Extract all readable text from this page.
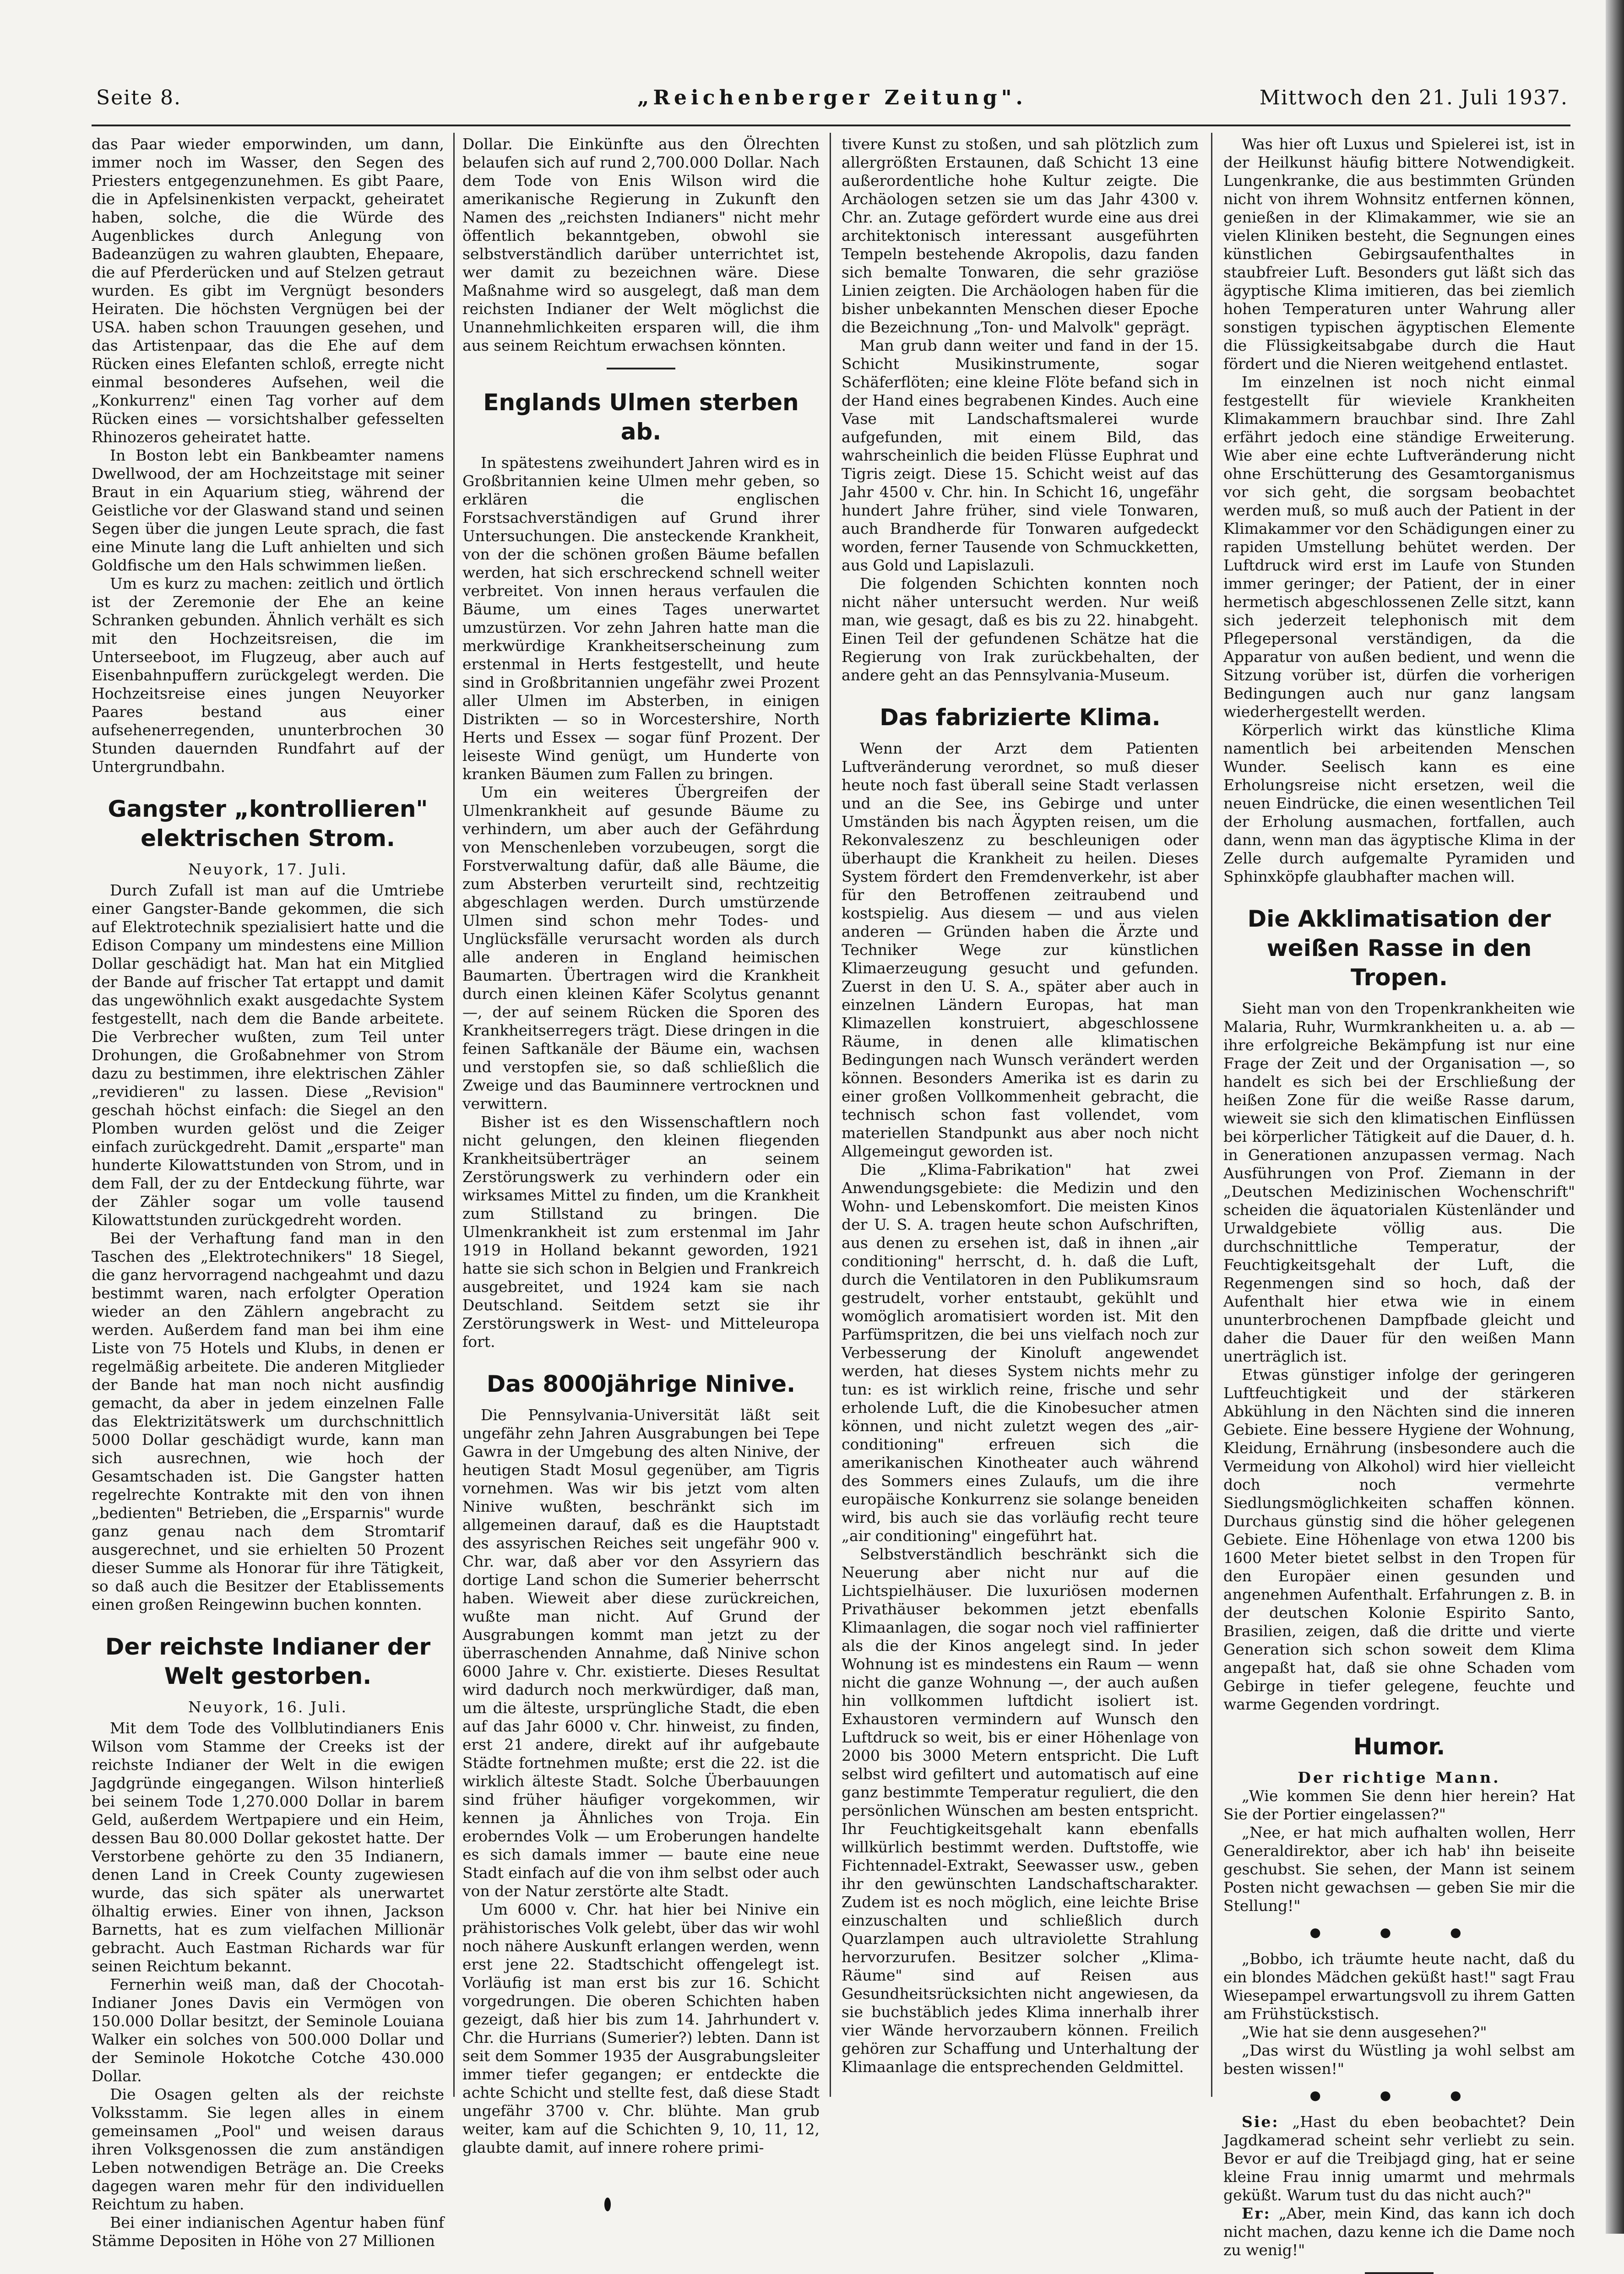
Seite 8.	„Reichenberger Zeitung".	Mittwoch den 21. Juli 1937.

das Paar wieder emporwinden, um dann, immer noch im Wasser, den Segen des Priesters entgegenzunehmen. Es gibt Paare, die in Apfelsinenkisten verpackt, geheiratet haben, solche, die die Würde des Augenblickes durch Anlegung von Badeanzügen zu wahren glaubten, Ehepaare, die auf Pferderücken und auf Stelzen getraut wurden. Es gibt im Vergnügt besonders Heiraten. Die höchsten Vergnügen bei der USA. haben schon Trauungen gesehen, und das Artistenpaar, das die Ehe auf dem Rücken eines Elefanten schloß, erregte nicht einmal besonderes Aufsehen, weil die „Konkurrenz" einen Tag vorher auf dem Rücken eines — vorsichtshalber gefesselten Rhinozeros geheiratet hatte.

In Boston lebt ein Bankbeamter namens Dwellwood, der am Hochzeitstage mit seiner Braut in ein Aquarium stieg, während der Geistliche vor der Glaswand stand und seinen Segen über die jungen Leute sprach, die fast eine Minute lang die Luft anhielten und sich Goldfische um den Hals schwimmen ließen.

Um es kurz zu machen: zeitlich und örtlich ist der Zeremonie der Ehe an keine Schranken gebunden. Ähnlich verhält es sich mit den Hochzeitsreisen, die im Unterseeboot, im Flugzeug, aber auch auf Eisenbahnpuffern zurückgelegt werden. Die Hochzeitsreise eines jungen Neuyorker Paares bestand aus einer aufsehenerregenden, ununterbrochen 30 Stunden dauernden Rundfahrt auf der Untergrundbahn.

Gangster „kontrollieren" elektrischen Strom.

Neuyork, 17. Juli.

Durch Zufall ist man auf die Umtriebe einer Gangster-Bande gekommen, die sich auf Elektrotechnik spezialisiert hatte und die Edison Company um mindestens eine Million Dollar geschädigt hat. Man hat ein Mitglied der Bande auf frischer Tat ertappt und damit das ungewöhnlich exakt ausgedachte System festgestellt, nach dem die Bande arbeitete. Die Verbrecher wußten, zum Teil unter Drohungen, die Großabnehmer von Strom dazu zu bestimmen, ihre elektrischen Zähler „revidieren" zu lassen. Diese „Revision" geschah höchst einfach: die Siegel an den Plomben wurden gelöst und die Zeiger einfach zurückgedreht. Damit „ersparte" man hunderte Kilowattstunden von Strom, und in dem Fall, der zu der Entdeckung führte, war der Zähler sogar um volle tausend Kilowattstunden zurückgedreht worden.

Bei der Verhaftung fand man in den Taschen des „Elektrotechnikers" 18 Siegel, die ganz hervorragend nachgeahmt und dazu bestimmt waren, nach erfolgter Operation wieder an den Zählern angebracht zu werden. Außerdem fand man bei ihm eine Liste von 75 Hotels und Klubs, in denen er regelmäßig arbeitete. Die anderen Mitglieder der Bande hat man noch nicht ausfindig gemacht, da aber in jedem einzelnen Falle das Elektrizitätswerk um durchschnittlich 5000 Dollar geschädigt wurde, kann man sich ausrechnen, wie hoch der Gesamtschaden ist. Die Gangster hatten regelrechte Kontrakte mit den von ihnen „bedienten" Betrieben, die „Ersparnis" wurde ganz genau nach dem Stromtarif ausgerechnet, und sie erhielten 50 Prozent dieser Summe als Honorar für ihre Tätigkeit, so daß auch die Besitzer der Etablissements einen großen Reingewinn buchen konnten.

Der reichste Indianer der Welt gestorben.

Neuyork, 16. Juli.

Mit dem Tode des Vollblutindianers Enis Wilson vom Stamme der Creeks ist der reichste Indianer der Welt in die ewigen Jagdgründe eingegangen. Wilson hinterließ bei seinem Tode 1,270.000 Dollar in barem Geld, außerdem Wertpapiere und ein Heim, dessen Bau 80.000 Dollar gekostet hatte. Der Verstorbene gehörte zu den 35 Indianern, denen Land in Creek County zugewiesen wurde, das sich später als unerwartet ölhaltig erwies. Einer von ihnen, Jackson Barnetts, hat es zum vielfachen Millionär gebracht. Auch Eastman Richards war für seinen Reichtum bekannt.

Fernerhin weiß man, daß der Chocotah-Indianer Jones Davis ein Vermögen von 150.000 Dollar besitzt, der Seminole Louiana Walker ein solches von 500.000 Dollar und der Seminole Hokotche Cotche 430.000 Dollar.

Die Osagen gelten als der reichste Volksstamm. Sie legen alles in einem gemeinsamen „Pool" und weisen daraus ihren Volksgenossen die zum anständigen Leben notwendigen Beträge an. Die Creeks dagegen waren mehr für den individuellen Reichtum zu haben.

Bei einer indianischen Agentur haben fünf Stämme Depositen in Höhe von 27 Millionen

Dollar. Die Einkünfte aus den Ölrechten belaufen sich auf rund 2,700.000 Dollar. Nach dem Tode von Enis Wilson wird die amerikanische Regierung in Zukunft den Namen des „reichsten Indianers" nicht mehr öffentlich bekanntgeben, obwohl sie selbstverständlich darüber unterrichtet ist, wer damit zu bezeichnen wäre. Diese Maßnahme wird so ausgelegt, daß man dem reichsten Indianer der Welt möglichst die Unannehmlichkeiten ersparen will, die ihm aus seinem Reichtum erwachsen könnten.

Englands Ulmen sterben ab.

In spätestens zweihundert Jahren wird es in Großbritannien keine Ulmen mehr geben, so erklären die englischen Forstsachverständigen auf Grund ihrer Untersuchungen. Die ansteckende Krankheit, von der die schönen großen Bäume befallen werden, hat sich erschreckend schnell weiter verbreitet. Von innen heraus verfaulen die Bäume, um eines Tages unerwartet umzustürzen. Vor zehn Jahren hatte man die merkwürdige Krankheitserscheinung zum erstenmal in Herts festgestellt, und heute sind in Großbritannien ungefähr zwei Prozent aller Ulmen im Absterben, in einigen Distrikten — so in Worcestershire, North Herts und Essex — sogar fünf Prozent. Der leiseste Wind genügt, um Hunderte von kranken Bäumen zum Fallen zu bringen.

Um ein weiteres Übergreifen der Ulmenkrankheit auf gesunde Bäume zu verhindern, um aber auch der Gefährdung von Menschenleben vorzubeugen, sorgt die Forstverwaltung dafür, daß alle Bäume, die zum Absterben verurteilt sind, rechtzeitig abgeschlagen werden. Durch umstürzende Ulmen sind schon mehr Todes- und Unglücksfälle verursacht worden als durch alle anderen in England heimischen Baumarten. Übertragen wird die Krankheit durch einen kleinen Käfer Scolytus genannt —, der auf seinem Rücken die Sporen des Krankheitserregers trägt. Diese dringen in die feinen Saftkanäle der Bäume ein, wachsen und verstopfen sie, so daß schließlich die Zweige und das Bauminnere vertrocknen und verwittern.

Bisher ist es den Wissenschaftlern noch nicht gelungen, den kleinen fliegenden Krankheitsüberträger an seinem Zerstörungswerk zu verhindern oder ein wirksames Mittel zu finden, um die Krankheit zum Stillstand zu bringen. Die Ulmenkrankheit ist zum erstenmal im Jahr 1919 in Holland bekannt geworden, 1921 hatte sie sich schon in Belgien und Frankreich ausgebreitet, und 1924 kam sie nach Deutschland. Seitdem setzt sie ihr Zerstörungswerk in West- und Mitteleuropa fort.

Das 8000jährige Ninive.

Die Pennsylvania-Universität läßt seit ungefähr zehn Jahren Ausgrabungen bei Tepe Gawra in der Umgebung des alten Ninive, der heutigen Stadt Mosul gegenüber, am Tigris vornehmen. Was wir bis jetzt vom alten Ninive wußten, beschränkt sich im allgemeinen darauf, daß es die Hauptstadt des assyrischen Reiches seit ungefähr 900 v. Chr. war, daß aber vor den Assyriern das dortige Land schon die Sumerier beherrscht haben. Wieweit aber diese zurückreichen, wußte man nicht. Auf Grund der Ausgrabungen kommt man jetzt zu der überraschenden Annahme, daß Ninive schon 6000 Jahre v. Chr. existierte. Dieses Resultat wird dadurch noch merkwürdiger, daß man, um die älteste, ursprüngliche Stadt, die eben auf das Jahr 6000 v. Chr. hinweist, zu finden, erst 21 andere, direkt auf ihr aufgebaute Städte fortnehmen mußte; erst die 22. ist die wirklich älteste Stadt. Solche Überbauungen sind früher häufiger vorgekommen, wir kennen ja Ähnliches von Troja. Ein eroberndes Volk — um Eroberungen handelte es sich damals immer — baute eine neue Stadt einfach auf die von ihm selbst oder auch von der Natur zerstörte alte Stadt.

Um 6000 v. Chr. hat hier bei Ninive ein prähistorisches Volk gelebt, über das wir wohl noch nähere Auskunft erlangen werden, wenn erst jene 22. Stadtschicht offengelegt ist. Vorläufig ist man erst bis zur 16. Schicht vorgedrungen. Die oberen Schichten haben gezeigt, daß hier bis zum 14. Jahrhundert v. Chr. die Hurrians (Sumerier?) lebten. Dann ist seit dem Sommer 1935 der Ausgrabungsleiter immer tiefer gegangen; er entdeckte die achte Schicht und stellte fest, daß diese Stadt ungefähr 3700 v. Chr. blühte. Man grub weiter, kam auf die Schichten 9, 10, 11, 12, glaubte damit, auf innere rohere primi-

tivere Kunst zu stoßen, und sah plötzlich zum allergrößten Erstaunen, daß Schicht 13 eine außerordentliche hohe Kultur zeigte. Die Archäologen setzen sie um das Jahr 4300 v. Chr. an. Zutage gefördert wurde eine aus drei architektonisch interessant ausgeführten Tempeln bestehende Akropolis, dazu fanden sich bemalte Tonwaren, die sehr graziöse Linien zeigten. Die Archäologen haben für die bisher unbekannten Menschen dieser Epoche die Bezeichnung „Ton- und Malvolk" geprägt.

Man grub dann weiter und fand in der 15. Schicht Musikinstrumente, sogar Schäferflöten; eine kleine Flöte befand sich in der Hand eines begrabenen Kindes. Auch eine Vase mit Landschaftsmalerei wurde aufgefunden, mit einem Bild, das wahrscheinlich die beiden Flüsse Euphrat und Tigris zeigt. Diese 15. Schicht weist auf das Jahr 4500 v. Chr. hin. In Schicht 16, ungefähr hundert Jahre früher, sind viele Tonwaren, auch Brandherde für Tonwaren aufgedeckt worden, ferner Tausende von Schmuckketten, aus Gold und Lapislazuli.

Die folgenden Schichten konnten noch nicht näher untersucht werden. Nur weiß man, wie gesagt, daß es bis zu 22. hinabgeht. Einen Teil der gefundenen Schätze hat die Regierung von Irak zurückbehalten, der andere geht an das Pennsylvania-Museum.

Das fabrizierte Klima.

Wenn der Arzt dem Patienten Luftveränderung verordnet, so muß dieser heute noch fast überall seine Stadt verlassen und an die See, ins Gebirge und unter Umständen bis nach Ägypten reisen, um die Rekonvaleszenz zu beschleunigen oder überhaupt die Krankheit zu heilen. Dieses System fördert den Fremdenverkehr, ist aber für den Betroffenen zeitraubend und kostspielig. Aus diesem — und aus vielen anderen — Gründen haben die Ärzte und Techniker Wege zur künstlichen Klimaerzeugung gesucht und gefunden. Zuerst in den U. S. A., später aber auch in einzelnen Ländern Europas, hat man Klimazellen konstruiert, abgeschlossene Räume, in denen alle klimatischen Bedingungen nach Wunsch verändert werden können. Besonders Amerika ist es darin zu einer großen Vollkommenheit gebracht, die technisch schon fast vollendet, vom materiellen Standpunkt aus aber noch nicht Allgemeingut geworden ist.

Die „Klima-Fabrikation" hat zwei Anwendungsgebiete: die Medizin und den Wohn- und Lebenskomfort. Die meisten Kinos der U. S. A. tragen heute schon Aufschriften, aus denen zu ersehen ist, daß in ihnen „air conditioning" herrscht, d. h. daß die Luft, durch die Ventilatoren in den Publikumsraum gestrudelt, vorher entstaubt, gekühlt und womöglich aromatisiert worden ist. Mit den Parfümspritzen, die bei uns vielfach noch zur Verbesserung der Kinoluft angewendet werden, hat dieses System nichts mehr zu tun: es ist wirklich reine, frische und sehr erholende Luft, die die Kinobesucher atmen können, und nicht zuletzt wegen des „air-conditioning" erfreuen sich die amerikanischen Kinotheater auch während des Sommers eines Zulaufs, um die ihre europäische Konkurrenz sie solange beneiden wird, bis auch sie das vorläufig recht teure „air conditioning" eingeführt hat.

Selbstverständlich beschränkt sich die Neuerung aber nicht nur auf die Lichtspielhäuser. Die luxuriösen modernen Privathäuser bekommen jetzt ebenfalls Klimaanlagen, die sogar noch viel raffinierter als die der Kinos angelegt sind. In jeder Wohnung ist es mindestens ein Raum — wenn nicht die ganze Wohnung —, der auch außen hin vollkommen luftdicht isoliert ist. Exhaustoren vermindern auf Wunsch den Luftdruck so weit, bis er einer Höhenlage von 2000 bis 3000 Metern entspricht. Die Luft selbst wird gefiltert und automatisch auf eine ganz bestimmte Temperatur reguliert, die den persönlichen Wünschen am besten entspricht. Ihr Feuchtigkeitsgehalt kann ebenfalls willkürlich bestimmt werden. Duftstoffe, wie Fichtennadel-Extrakt, Seewasser usw., geben ihr den gewünschten Landschaftscharakter. Zudem ist es noch möglich, eine leichte Brise einzuschalten und schließlich durch Quarzlampen auch ultraviolette Strahlung hervorzurufen. Besitzer solcher „Klima-Räume" sind auf Reisen aus Gesundheitsrücksichten nicht angewiesen, da sie buchstäblich jedes Klima innerhalb ihrer vier Wände hervorzaubern können. Freilich gehören zur Schaffung und Unterhaltung der Klimaanlage die entsprechenden Geldmittel.

Was hier oft Luxus und Spielerei ist, ist in der Heilkunst häufig bittere Notwendigkeit. Lungenkranke, die aus bestimmten Gründen nicht von ihrem Wohnsitz entfernen können, genießen in der Klimakammer, wie sie an vielen Kliniken besteht, die Segnungen eines künstlichen Gebirgsaufenthaltes in staubfreier Luft. Besonders gut läßt sich das ägyptische Klima imitieren, das bei ziemlich hohen Temperaturen unter Wahrung aller sonstigen typischen ägyptischen Elemente die Flüssigkeitsabgabe durch die Haut fördert und die Nieren weitgehend entlastet.

Im einzelnen ist noch nicht einmal festgestellt für wieviele Krankheiten Klimakammern brauchbar sind. Ihre Zahl erfährt jedoch eine ständige Erweiterung. Wie aber eine echte Luftveränderung nicht ohne Erschütterung des Gesamtorganismus vor sich geht, die sorgsam beobachtet werden muß, so muß auch der Patient in der Klimakammer vor den Schädigungen einer zu rapiden Umstellung behütet werden. Der Luftdruck wird erst im Laufe von Stunden immer geringer; der Patient, der in einer hermetisch abgeschlossenen Zelle sitzt, kann sich jederzeit telephonisch mit dem Pflegepersonal verständigen, da die Apparatur von außen bedient, und wenn die Sitzung vorüber ist, dürfen die vorherigen Bedingungen auch nur ganz langsam wiederhergestellt werden.

Körperlich wirkt das künstliche Klima namentlich bei arbeitenden Menschen Wunder. Seelisch kann es eine Erholungsreise nicht ersetzen, weil die neuen Eindrücke, die einen wesentlichen Teil der Erholung ausmachen, fortfallen, auch dann, wenn man das ägyptische Klima in der Zelle durch aufgemalte Pyramiden und Sphinxköpfe glaubhafter machen will.

Die Akklimatisation der weißen Rasse in den Tropen.

Sieht man von den Tropenkrankheiten wie Malaria, Ruhr, Wurmkrankheiten u. a. ab — ihre erfolgreiche Bekämpfung ist nur eine Frage der Zeit und der Organisation —, so handelt es sich bei der Erschließung der heißen Zone für die weiße Rasse darum, wieweit sie sich den klimatischen Einflüssen bei körperlicher Tätigkeit auf die Dauer, d. h. in Generationen anzupassen vermag. Nach Ausführungen von Prof. Ziemann in der „Deutschen Medizinischen Wochenschrift" scheiden die äquatorialen Küstenländer und Urwaldgebiete völlig aus. Die durchschnittliche Temperatur, der Feuchtigkeitsgehalt der Luft, die Regenmengen sind so hoch, daß der Aufenthalt hier etwa wie in einem ununterbrochenen Dampfbade gleicht und daher die Dauer für den weißen Mann unerträglich ist.

Etwas günstiger infolge der geringeren Luftfeuchtigkeit und der stärkeren Abkühlung in den Nächten sind die inneren Gebiete. Eine bessere Hygiene der Wohnung, Kleidung, Ernährung (insbesondere auch die Vermeidung von Alkohol) wird hier vielleicht doch noch vermehrte Siedlungsmöglichkeiten schaffen können. Durchaus günstig sind die höher gelegenen Gebiete. Eine Höhenlage von etwa 1200 bis 1600 Meter bietet selbst in den Tropen für den Europäer einen gesunden und angenehmen Aufenthalt. Erfahrungen z. B. in der deutschen Kolonie Espirito Santo, Brasilien, zeigen, daß die dritte und vierte Generation sich schon soweit dem Klima angepaßt hat, daß sie ohne Schaden vom Gebirge in tiefer gelegene, feuchte und warme Gegenden vordringt.

Humor.

Der richtige Mann.

„Wie kommen Sie denn hier herein? Hat Sie der Portier eingelassen?"

„Nee, er hat mich aufhalten wollen, Herr Generaldirektor, aber ich hab' ihn beiseite geschubst. Sie sehen, der Mann ist seinem Posten nicht gewachsen — geben Sie mir die Stellung!"

● ● ●

„Bobbo, ich träumte heute nacht, daß du ein blondes Mädchen geküßt hast!" sagt Frau Wiesepampel erwartungsvoll zu ihrem Gatten am Frühstückstisch.

„Wie hat sie denn ausgesehen?"

„Das wirst du Wüstling ja wohl selbst am besten wissen!"

● ● ●

Sie: „Hast du eben beobachtet? Dein Jagdkamerad scheint sehr verliebt zu sein. Bevor er auf die Treibjagd ging, hat er seine kleine Frau innig umarmt und mehrmals geküßt. Warum tust du das nicht auch?"

Er: „Aber, mein Kind, das kann ich doch nicht machen, dazu kenne ich die Dame noch zu wenig!"
